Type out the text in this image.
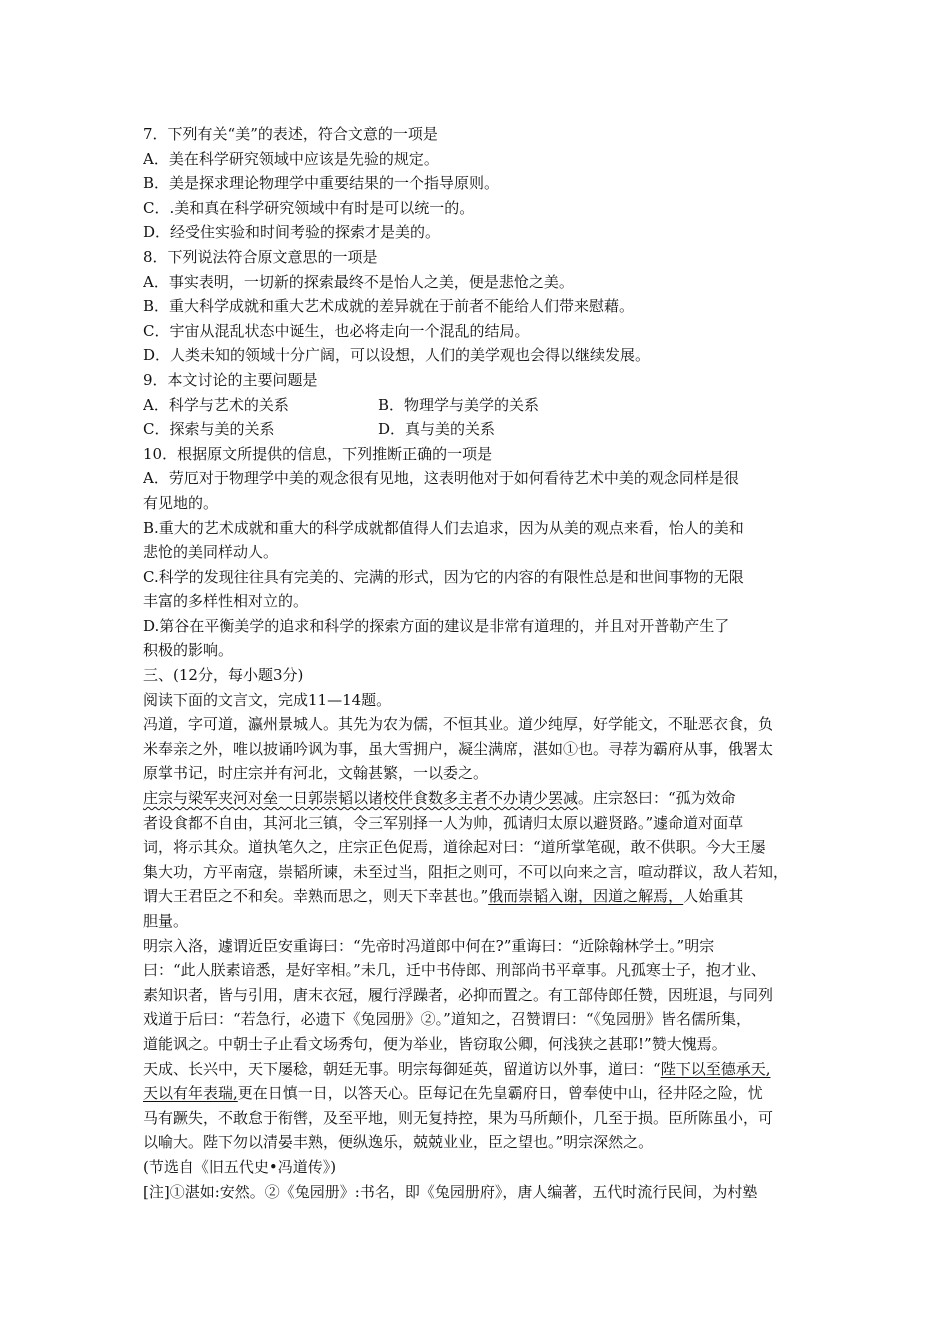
7．下列有关“美”的表述，符合文意的一项是
A．美在科学研究领域中应该是先验的规定。
B．美是探求理论物理学中重要结果的一个指导原则。
C．.美和真在科学研究领域中有时是可以统一的。
D．经受住实验和时间考验的探索才是美的。
8．下列说法符合原文意思的一项是
A．事实表明，一切新的探索最终不是怡人之美，便是悲怆之美。
B．重大科学成就和重大艺术成就的差异就在于前者不能给人们带来慰藉。
C．宇宙从混乱状态中诞生，也必将走向一个混乱的结局。
D．人类未知的领域十分广阔，可以设想，人们的美学观也会得以继续发展。
9．本文讨论的主要问题是
A．科学与艺术的关系	B．物理学与美学的关系
C．探索与美的关系	D．真与美的关系
10．根据原文所提供的信息，下列推断正确的一项是
A．劳厄对于物理学中美的观念很有见地，这表明他对于如何看待艺术中美的观念同样是很
有见地的。
B.重大的艺术成就和重大的科学成就都值得人们去追求，因为从美的观点来看，怡人的美和
悲怆的美同样动人。
C.科学的发现往往具有完美的、完满的形式，因为它的内容的有限性总是和世间事物的无限
丰富的多样性相对立的。
D.第谷在平衡美学的追求和科学的探索方面的建议是非常有道理的，并且对开普勒产生了
积极的影响。
三、(12分，每小题3分)
阅读下面的文言文，完成11—14题。
冯道，字可道，瀛州景城人。其先为农为儒，不恒其业。道少纯厚，好学能文，不耻恶衣食，负
米奉亲之外，唯以披诵吟讽为事，虽大雪拥户，凝尘满席，湛如①也。寻荐为霸府从事，俄署太
原掌书记，时庄宗并有河北，文翰甚繁，一以委之。
庄宗与梁军夹河对垒一日郭崇韬以诸校伴食数多主者不办请少罢减。庄宗怒曰：“孤为效命
者设食都不自由，其河北三镇，令三军别择一人为帅，孤请归太原以避贤路。”遽命道对面草
词，将示其众。道执笔久之，庄宗正色促焉，道徐起对曰：“道所掌笔砚，敢不供职。今大王屡
集大功，方平南寇，崇韬所谏，未至过当，阻拒之则可，不可以向来之言，喧动群议，敌人若知，
谓大王君臣之不和矣。幸熟而思之，则天下幸甚也。”俄而崇韬入谢，因道之解焉，人始重其
胆量。
明宗入洛，遽谓近臣安重诲曰：“先帝时冯道郎中何在?”重诲曰：“近除翰林学士。”明宗
曰：“此人朕素谙悉，是好宰相。”未几，迁中书侍郎、刑部尚书平章事。凡孤寒士子，抱才业、
素知识者，皆与引用，唐末衣冠，履行浮躁者，必抑而置之。有工部侍郎任赞，因班退，与同列
戏道于后曰：“若急行，必遗下《兔园册》②。”道知之，召赞谓曰：“《兔园册》皆名儒所集，
道能讽之。中朝士子止看文场秀句，便为举业，皆窃取公卿，何浅狭之甚耶!”赞大愧焉。
天成、长兴中，天下屡稔，朝廷无事。明宗每御延英，留道访以外事，道曰：“陛下以至德承天,
天以有年表瑞,更在日慎一日，以答天心。臣每记在先皇霸府日，曾奉使中山，径井陉之险，忧
马有蹶失，不敢怠于衔辔，及至平地，则无复持控，果为马所颠仆，几至于损。臣所陈虽小，可
以喻大。陛下勿以清晏丰熟，便纵逸乐，兢兢业业，臣之望也。”明宗深然之。
(节选自《旧五代史•冯道传》)
[注]①湛如:安然。②《兔园册》:书名，即《兔园册府》，唐人编著，五代时流行民间，为村塾
